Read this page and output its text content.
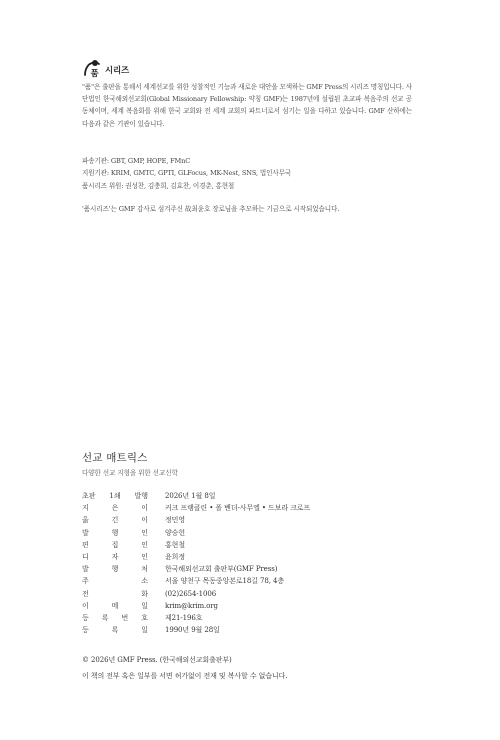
품 시리즈

"품"은 출판을 통해서 세계선교를 위한 성찰적인 기능과 새로운 대안을 모색하는 GMF Press의 시리즈 명칭입니다. 사단법인 한국해외선교회(Global Missionary Fellowship: 약칭 GMF)는 1987년에 설립된 초교파 복음주의 선교 공동체이며, 세계 복음화를 위해 한국 교회와 전 세계 교회의 파트너로서 섬기는 일을 다하고 있습니다. GMF 산하에는 다음과 같은 기관이 있습니다.

파송기관: GBT, GMP, HOPE, FMnC
지원기관: KRIM, GMTC, GPTI, GLFocus, MK-Nest, SNS, 법인사무국
품시리즈 위원: 권성찬, 김충희, 김효찬, 이경춘, 홍현철
'품시리즈'는 GMF 감사로 섬겨주신 故최윤호 장로님을 추모하는 기금으로 시작되었습니다.
선교 매트릭스
다양한 선교 지형을 위한 선교신학
초판 1쇄 발행 2026년 1월 8일
지	은	이 커크 프랭클린 • 폴 벤더-사무엘 • 드보라 크로프
옮	긴	이 정민영
발	행	인 양승헌
편	집	인 홍현철
디	자	인 윤희정
발	행	처 한국해외선교회 출판부(GMF Press)
주	소 서울 양천구 목동중앙본로18길 78, 4층
전	화 (02)2654-1006
이	메	일 krim@krim.org
등 록 번 호 제21-196호
등	록	일 1990년 9월 28일
© 2026년 GMF Press. (한국해외선교회출판부)
이 책의 전부 혹은 일부를 서면 허가없이 전재 및 복사할 수 없습니다.
